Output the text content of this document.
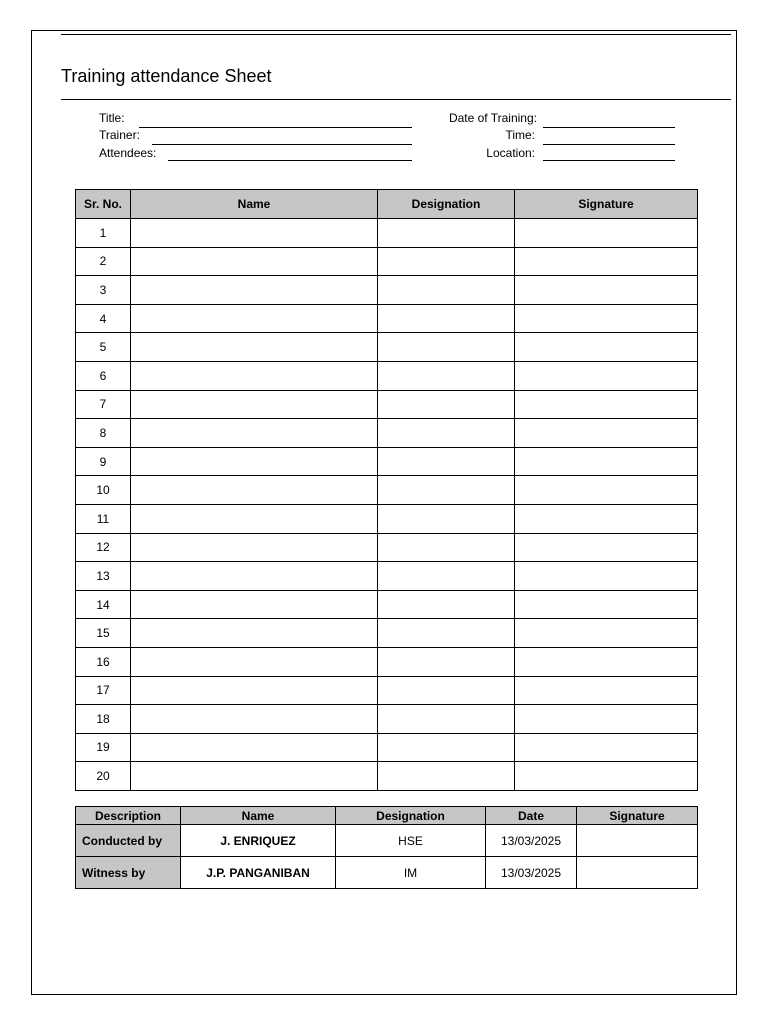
Training attendance Sheet
Title:
Trainer:
Attendees:
Date of Training:
Time:
Location:
Sr. No.	Name	Designation	Signature
1			
2			
3			
4			
5			
6			
7			
8			
9			
10			
11			
12			
13			
14			
15			
16			
17			
18			
19			
20			
Description	Name	Designation	Date	Signature
Conducted by	J. ENRIQUEZ	HSE	13/03/2025	
Witness by	J.P. PANGANIBAN	IM	13/03/2025	
